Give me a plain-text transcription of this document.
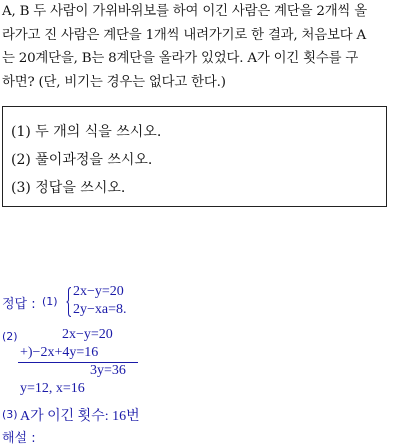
A, B 두 사람이 가위바위보를 하여 이긴 사람은 계단을 2개씩 올
라가고 진 사람은 계단을 1개씩 내려가기로 한 결과, 처음보다 A
는 20계단을, B는 8계단을 올라가 있었다. A가 이긴 횟수를 구
하면? (단, 비기는 경우는 없다고 한다.)
(1) 두 개의 식을 쓰시오.
(2) 풀이과정을 쓰시오.
(3) 정답을 쓰시오.
정답 : (1)
2x−y=20
2y−xa=8.
(2)	2x−y=20
+)−2x+4y=16
3y=36
y=12, x=16
(3) A가 이긴 횟수: 16번
해설 :
